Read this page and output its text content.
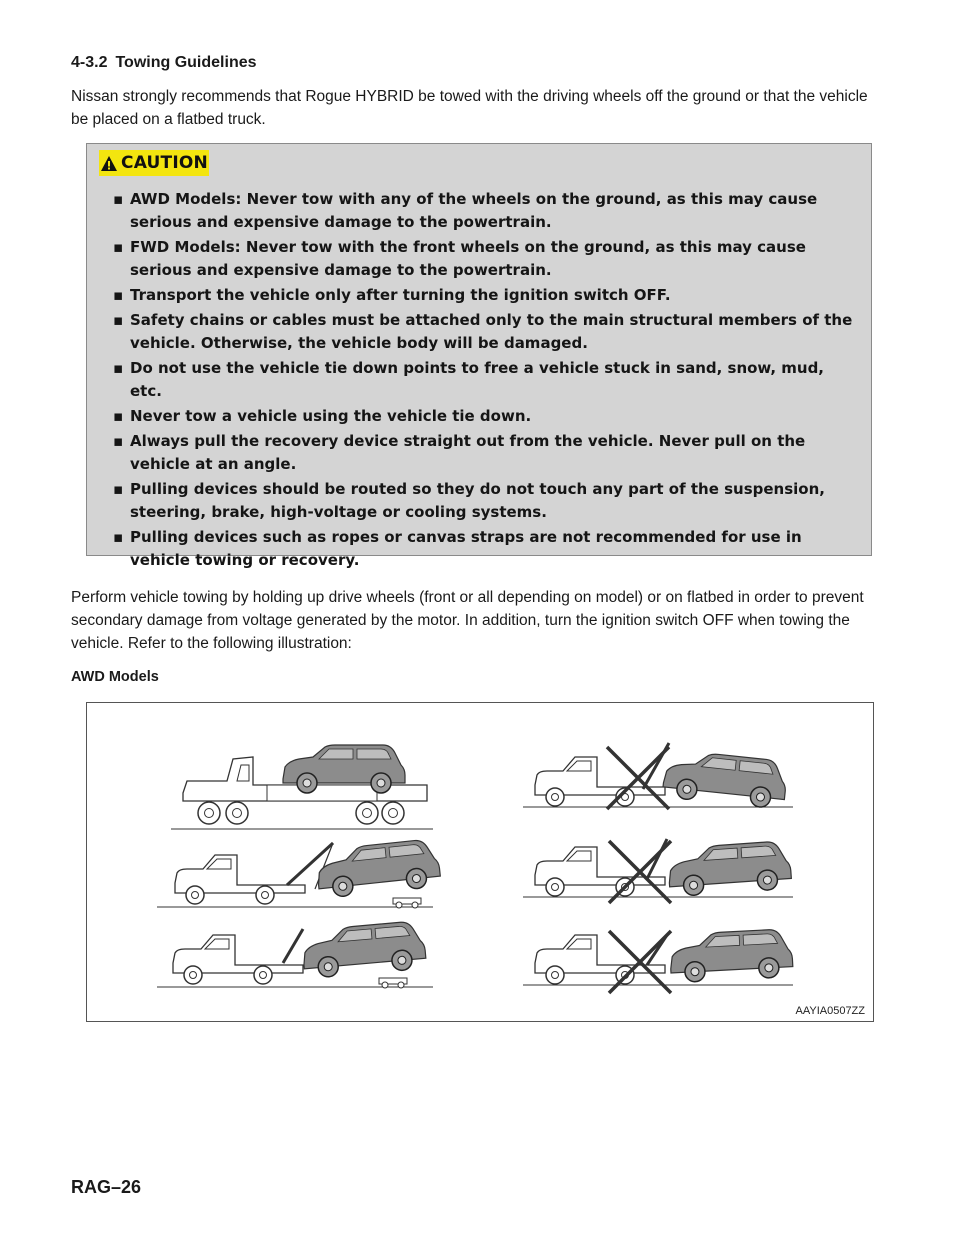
4-3.2 Towing Guidelines
Nissan strongly recommends that Rogue HYBRID be towed with the driving wheels off the ground or that the vehicle be placed on a flatbed truck.
CAUTION
▪ AWD Models: Never tow with any of the wheels on the ground, as this may cause serious and expensive damage to the powertrain.
▪ FWD Models: Never tow with the front wheels on the ground, as this may cause serious and expensive damage to the powertrain.
▪ Transport the vehicle only after turning the ignition switch OFF.
▪ Safety chains or cables must be attached only to the main structural members of the vehicle. Otherwise, the vehicle body will be damaged.
▪ Do not use the vehicle tie down points to free a vehicle stuck in sand, snow, mud, etc.
▪ Never tow a vehicle using the vehicle tie down.
▪ Always pull the recovery device straight out from the vehicle. Never pull on the vehicle at an angle.
▪ Pulling devices should be routed so they do not touch any part of the suspension, steering, brake, high-voltage or cooling systems.
▪ Pulling devices such as ropes or canvas straps are not recommended for use in vehicle towing or recovery.
Perform vehicle towing by holding up drive wheels (front or all depending on model) or on flatbed in order to prevent secondary damage from voltage generated by the motor. In addition, turn the ignition switch OFF when towing the vehicle. Refer to the following illustration:
AWD Models
AAYIA0507ZZ
RAG–26
